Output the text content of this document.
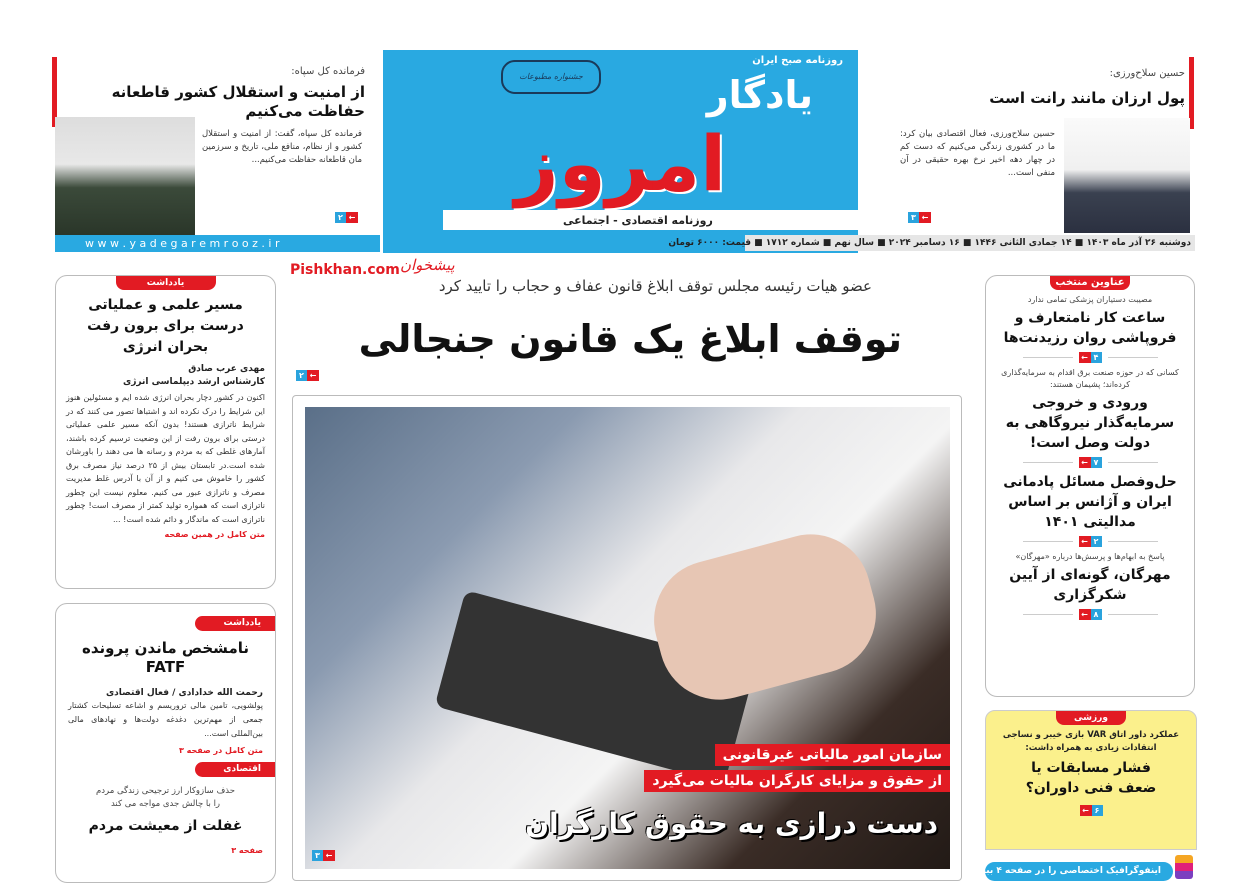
فرمانده کل سپاه:
از امنیت و استقلال کشور قاطعانه حفاظت می‌کنیم
فرمانده کل سپاه، گفت: از امنیت و استقلال کشور و از نظام، منافع ملی، تاریخ و سرزمین مان قاطعانه حفاظت می‌کنیم...
۲ ←
w w w . y a d e g a r e m r o o z . i r
روزنامه صبح ایران
جشنواره مطبوعات	یادگار
امروز
روزنامه اقتصادی - اجتماعی
حسین سلاح‌ورزی:
پول ارزان مانند رانت است
حسین سلاح‌ورزی، فعال اقتصادی بیان کرد: ما در کشوری زندگی می‌کنیم که دست کم در چهار دهه اخیر نرخ بهره حقیقی در آن منفی است...
۳ ←
دوشنبه ۲۶ آذر ماه ۱۴۰۳ ■ ۱۴ جمادی الثانی ۱۴۴۶ ■ ۱۶ دسامبر ۲۰۲۴ ■ سال نهم ■ شماره ۱۷۱۲ ■ قیمت: ۶۰۰۰ تومان
پیشخوان
Pishkhan.com
عضو هیات رئیسه مجلس توقف ابلاغ قانون عفاف و حجاب را تایید کرد
توقف ابلاغ یک قانون جنجالی
۲ ←
سازمان امور مالیاتی غیرقانونی
از حقوق و مزایای کارگران مالیات می‌گیرد
دست درازی به حقوق کارگران
۳ ←
یادداشت
مسیر علمی و عملیاتی درست برای برون رفت بحران انرژی
مهدی عرب صادق
کارشناس ارشد دیپلماسی انرژی
اکنون در کشور دچار بحران انرژی شده ایم و مسئولین هنوز این شرایط را درک نکرده اند و اشتباها تصور می کنند که در شرایط ناترازی هستند! بدون آنکه مسیر علمی عملیاتی درستی برای برون رفت از این وضعیت ترسیم کرده باشند، آمارهای غلطی که به مردم و رسانه ها می دهند را باورشان شده است.در تابستان بیش از ۲۵ درصد نیاز مصرف برق کشور را خاموش می کنیم و از آن با آدرس غلط مدیریت مصرف و ناترازی عبور می کنیم. معلوم نیست این چطور ناترازی است که همواره تولید کمتر از مصرف است! چطور ناترازی است که ماندگار و دائم شده است! ...
متن کامل در همین صفحه
یادداشت
نامشخص ماندن پرونده FATF
رحمت الله خدادادی / فعال اقتصادی
پولشویی، تامین مالی تروریسم و اشاعه تسلیحات کشتار جمعی از مهم‌ترین دغدغه دولت‌ها و نهادهای مالی بین‌المللی است...
متن کامل در صفحه ۳
اقتصادی
حذف سازوکار ارز ترجیحی زندگی مردم را با چالش جدی مواجه می کند
غفلت از معیشت مردم
صفحه ۳
عناوین منتخب
مصیبت دستیاران پزشکی تمامی ندارد
ساعت کار نامتعارف و فروپاشی روان رزیدنت‌ها
۴
←
کسانی که در حوزه صنعت برق اقدام به سرمایه‌گذاری کرده‌اند؛ پشیمان هستند:
ورودی و خروجی سرمایه‌گذار نیروگاهی به دولت وصل است!
۷
←
حل‌وفصل مسائل پادمانی ایران و آژانس بر اساس مدالیتی ۱۴۰۱
۲
←
پاسخ به ابهام‌ها و پرسش‌ها درباره «مهرگان»
مهرگان، گونه‌ای از آیین شکرگزاری
۸
←
ورزشی
عملکرد داور اتاق VAR بازی خیبر و نساجی انتقادات زیادی به همراه داشت:
فشار مسابقات یا ضعف فنی داوران؟
۶
←
اینفوگرافیک اختصاصی را در صفحه ۴ ببینید
